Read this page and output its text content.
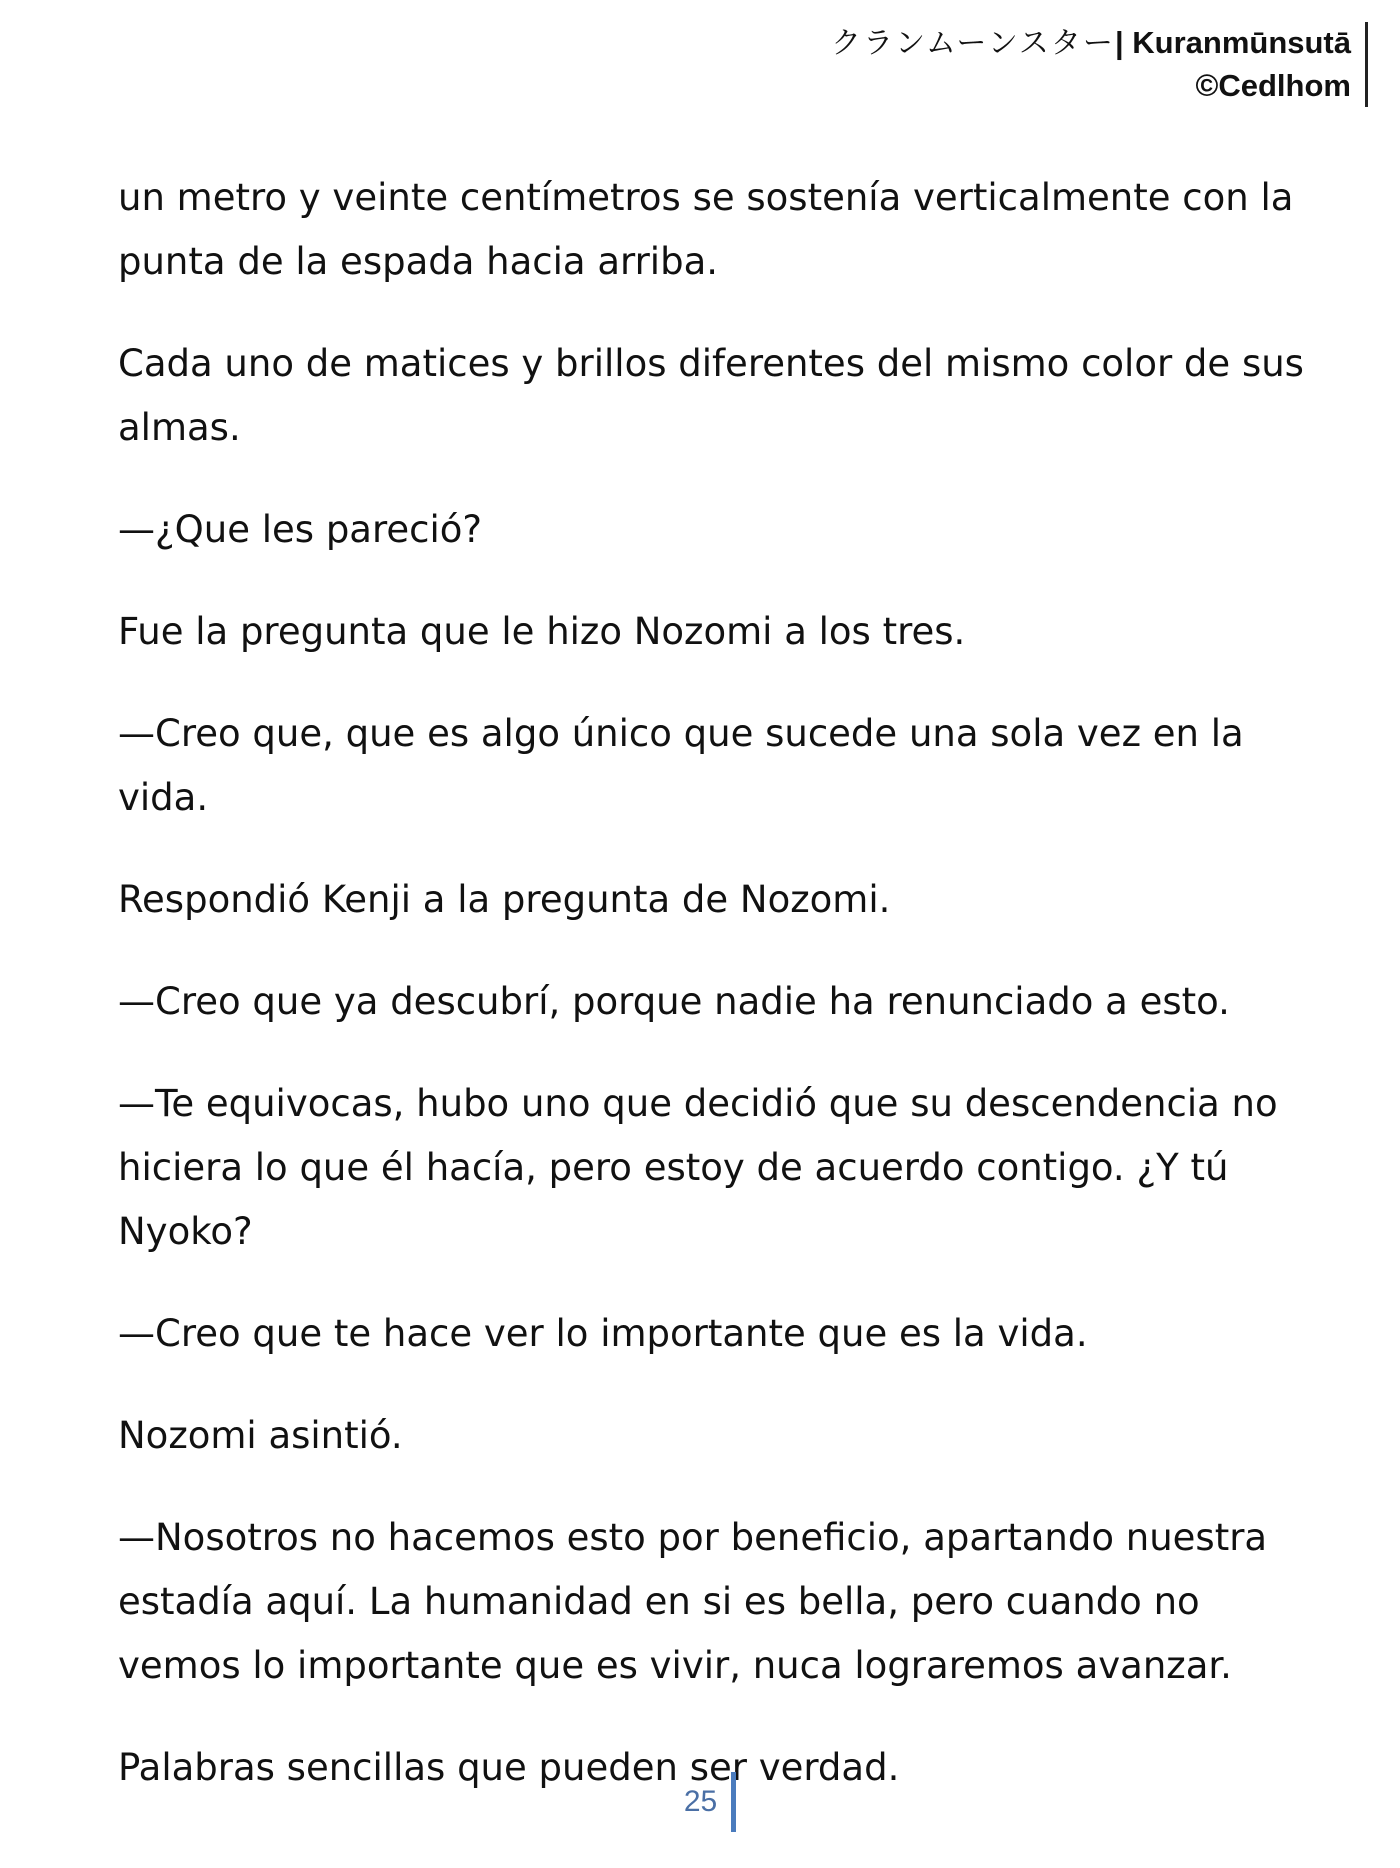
クランムーンスター| Kuranmūnsutā
©Cedlhom

un metro y veinte centímetros se sostenía verticalmente con la punta de la espada hacia arriba.

Cada uno de matices y brillos diferentes del mismo color de sus almas.

—¿Que les pareció?

Fue la pregunta que le hizo Nozomi a los tres.

—Creo que, que es algo único que sucede una sola vez en la vida.

Respondió Kenji a la pregunta de Nozomi.

—Creo que ya descubrí, porque nadie ha renunciado a esto.

—Te equivocas, hubo uno que decidió que su descendencia no hiciera lo que él hacía, pero estoy de acuerdo contigo. ¿Y tú Nyoko?

—Creo que te hace ver lo importante que es la vida.

Nozomi asintió.

—Nosotros no hacemos esto por beneficio, apartando nuestra estadía aquí. La humanidad en si es bella, pero cuando no vemos lo importante que es vivir, nuca lograremos avanzar.

Palabras sencillas que pueden ser verdad.

25
